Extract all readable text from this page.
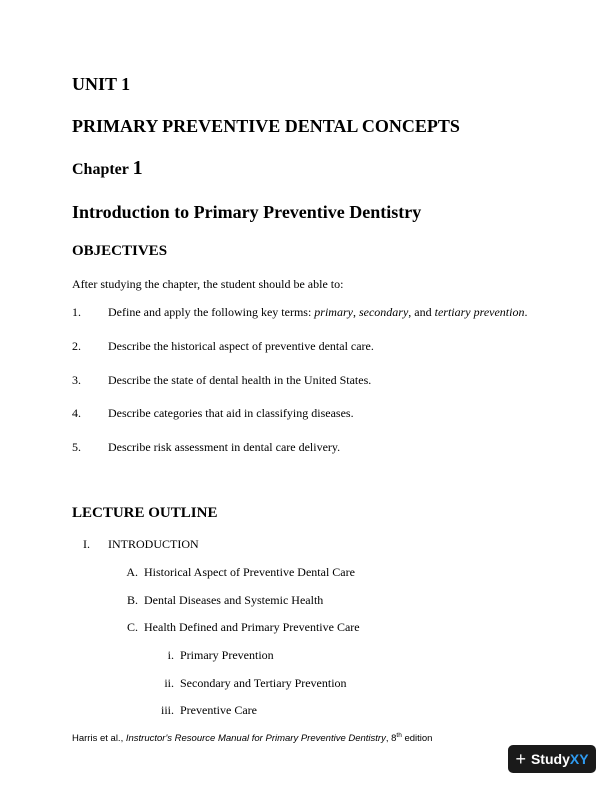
UNIT 1
PRIMARY PREVENTIVE DENTAL CONCEPTS
Chapter 1
Introduction to Primary Preventive Dentistry
OBJECTIVES
After studying the chapter, the student should be able to:
1. Define and apply the following key terms: primary, secondary, and tertiary prevention.
2. Describe the historical aspect of preventive dental care.
3. Describe the state of dental health in the United States.
4. Describe categories that aid in classifying diseases.
5. Describe risk assessment in dental care delivery.
LECTURE OUTLINE
I. INTRODUCTION
A. Historical Aspect of Preventive Dental Care
B. Dental Diseases and Systemic Health
C. Health Defined and Primary Preventive Care
i. Primary Prevention
ii. Secondary and Tertiary Prevention
iii. Preventive Care
Harris et al., Instructor's Resource Manual for Primary Preventive Dentistry, 8th edition
+ StudyXY
